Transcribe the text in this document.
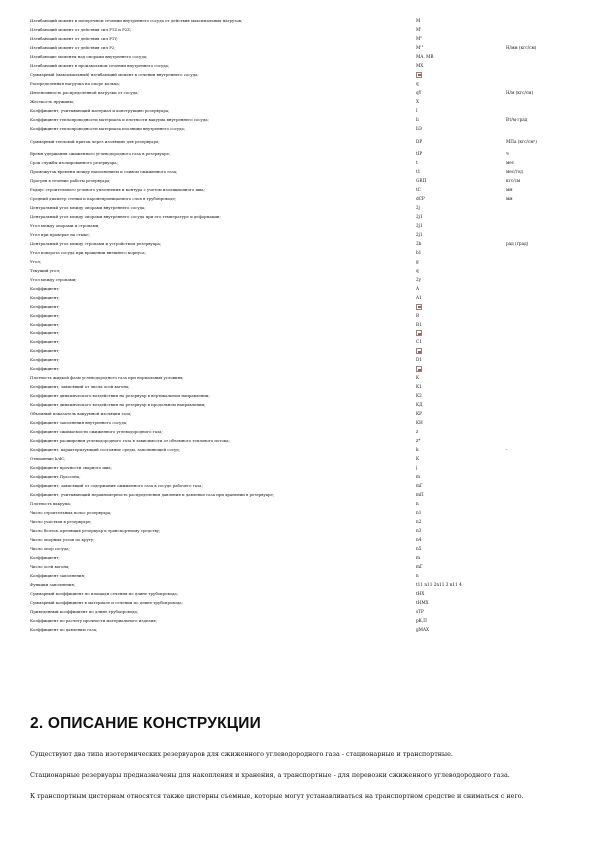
Изгибающий момент в поперечном сечении внутреннего сосуда от действия максимальных нагрузок;	М	
Изгибающий момент от действия сил Р1Z и Р2Z;	М'	
Изгибающий момент от действия сил Р1Y;	М"	
Изгибающий момент от действия сил Р2;	М'"	Н/мм (кгс/см)
Изгибающие моменты над опорами внутреннего сосуда;	МА, МВ	
Изгибающий момент в произвольном сечении внутреннего сосуда;	МХ	
Суммарный (максимальный) изгибающий момент в сечении внутреннего сосуда;		
Распределенная нагрузка на опоре кольца;	q	
Интенсивность распределенной нагрузки от сосуда;	qY	Н/м (кгс/см)
Жесткость пружины;	Х	
Коэффициент, учитывающий материал и конструкцию резервуара;	I	
Коэффициент теплопроводности материала и плотности вакуума внутреннего сосуда;	li	Вт/м·град
Коэффициент теплопроводности материала изоляции внутреннего сосуда;	liЭ	
Суммарный тепловой приток через изоляцию для резервуара;	DP	МПа (кгс/см²)
Время удержания сжиженного углеводородного газа в резервуаре;	tIP	ч
Срок службы изолированного резервуара;	t	мес
Промежуток времени между наполнением и сливом сжиженного газа;	t1	мес/год
Прогрев в течение работы резервуара;	GRП	кгс/см
Радиус строительного углового уплотнения и контура с учетом изоляционного шва;	tC	мм
Средний диаметр стенки и паронепроницаемого слоя в трубопроводе;	dCP	мм
Центральный угол между опорами внутреннего сосуда;	2j	
Центральный угол между опорами внутреннего сосуда при его температуре и деформации;	2j1	
Угол между опорами и стропами;	2j1	
Угол при проверке на стыке;	2j1	
Центральный угол между стропами и устройством резервуара;	2b	рад (град)
Угол поворота сосуда при вращении внешнего корпуса;	b1	
Угол;	g	
Текущий угол;	q	
Угол между стропами;	2y	
Коэффициент;	A	
Коэффициент;	A1	
Коэффициент;		
Коэффициент;	B	
Коэффициент;	B1	
Коэффициент;		
Коэффициент;	C1	
Коэффициент;		
Коэффициент;	D1	
Коэффициент;		
Плотность жидкой фазы углеводородного газа при нормальных условиях;	K	
Коэффициент, зависящий от числа осей вагона;	K1	
Коэффициент динамического воздействия на резервуар в вертикальном направлении;	K2	
Коэффициент динамического воздействия на резервуар в продольном направлении;	KД	
Объемный показатель вакуумной изоляции газа;	KР	
Коэффициент заполнения внутреннего сосуда;	KН	
Коэффициент сжимаемости сжиженного углеводородного газа;	z	
Коэффициент расширения углеводородного газа в зависимости от объемного теплового потока;	z*	
Коэффициент, характеризующий состояние среды, заполняющей сосуд;	k	-
Отношение h/dС;	K	
Коэффициент прочности сварного шва;	j	
Коэффициент Пуассона;	m	
Коэффициент, зависящий от содержания сжиженного газа в сосуде рабочего газа;	mГ	
Коэффициент, учитывающий неравномерность распределения давления и давление газа при хранении в резервуаре;	mП	
Плотность вакуума;	n	
Число строительных полос резервуара;	n1	
Число участков в резервуаре;	n2	
Число болтов, крепящих резервуар к транспортному средству;	n3	
Число опорных узлов по кругу;	n4	
Число опор сосуда;	n5	
Коэффициент;	m	
Число осей вагона;	mГ	
Коэффициент заполнения;	n	
Функции заполнения;	t11 n11 2n11 3 n11 4	
Суммарный коэффициент по площади сечения по длине трубопровода;	tНХ	
Суммарный коэффициент в материале и сечении по длине трубопровода;	tНМХ	
Приведенный коэффициент по длине трубопровода;	sТР	
Коэффициент по расчету прочности материального изделия;	pК,П	
Коэффициент по давлению газа;	gMAX	
2. ОПИСАНИЕ КОНСТРУКЦИИ

Существуют два типа изотермических резервуаров для сжиженного углеводородного газа - стационарные и транспортные.

Стационарные резервуары предназначены для накопления и хранения, а транспортные - для перевозки сжиженного углеводородного газа.

К транспортным цистернам относятся также цистерны съемные, которые могут устанавливаться на транспортном средстве и сниматься с него.
